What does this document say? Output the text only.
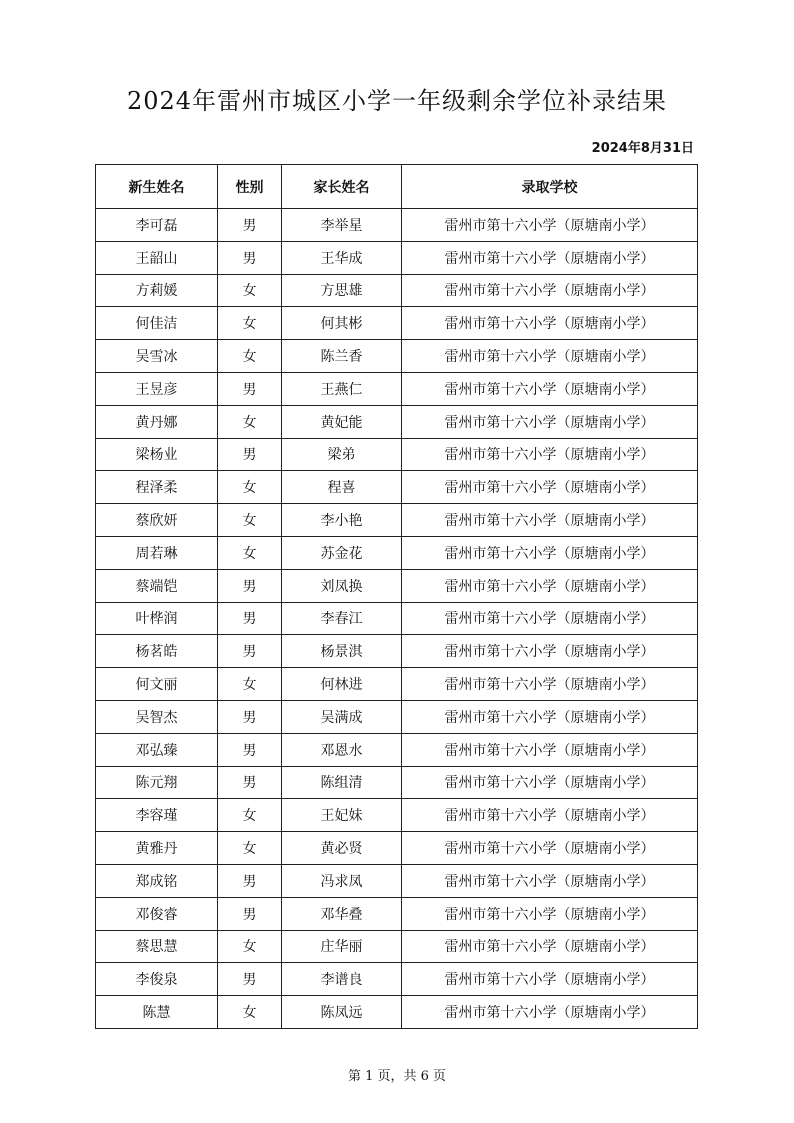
2024年雷州市城区小学一年级剩余学位补录结果
2024年8月31日
新生姓名	性别	家长姓名	录取学校
李可磊	男	李举星	雷州市第十六小学（原塘南小学）
王韶山	男	王华成	雷州市第十六小学（原塘南小学）
方莉媛	女	方思雄	雷州市第十六小学（原塘南小学）
何佳洁	女	何其彬	雷州市第十六小学（原塘南小学）
吴雪冰	女	陈兰香	雷州市第十六小学（原塘南小学）
王昱彦	男	王燕仁	雷州市第十六小学（原塘南小学）
黄丹娜	女	黄妃能	雷州市第十六小学（原塘南小学）
梁杨业	男	梁弟	雷州市第十六小学（原塘南小学）
程泽柔	女	程喜	雷州市第十六小学（原塘南小学）
蔡欣妍	女	李小艳	雷州市第十六小学（原塘南小学）
周若琳	女	苏金花	雷州市第十六小学（原塘南小学）
蔡端铠	男	刘凤换	雷州市第十六小学（原塘南小学）
叶桦润	男	李春江	雷州市第十六小学（原塘南小学）
杨茗皓	男	杨景淇	雷州市第十六小学（原塘南小学）
何文丽	女	何林进	雷州市第十六小学（原塘南小学）
吴智杰	男	吴满成	雷州市第十六小学（原塘南小学）
邓弘臻	男	邓恩水	雷州市第十六小学（原塘南小学）
陈元翔	男	陈组清	雷州市第十六小学（原塘南小学）
李容瑾	女	王妃妹	雷州市第十六小学（原塘南小学）
黄雅丹	女	黄必贤	雷州市第十六小学（原塘南小学）
郑成铭	男	冯求凤	雷州市第十六小学（原塘南小学）
邓俊睿	男	邓华叠	雷州市第十六小学（原塘南小学）
蔡思慧	女	庄华丽	雷州市第十六小学（原塘南小学）
李俊泉	男	李谱良	雷州市第十六小学（原塘南小学）
陈慧	女	陈凤远	雷州市第十六小学（原塘南小学）
第 1 页，共 6 页
